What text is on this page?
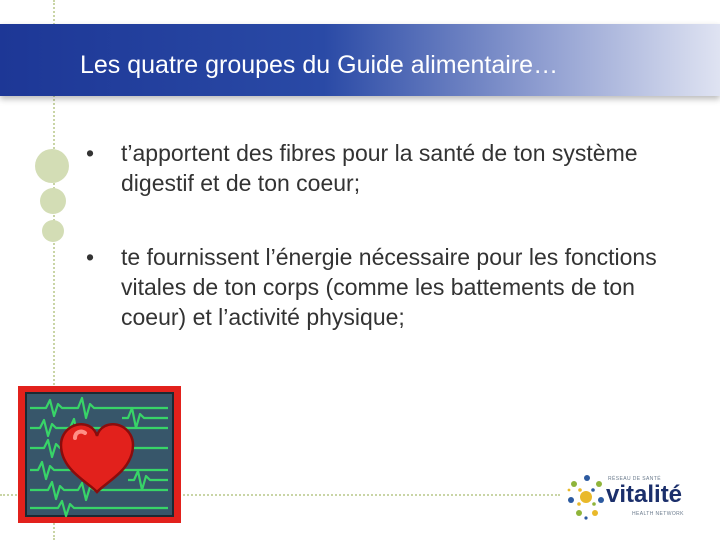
Les quatre groupes du Guide alimentaire…
• t’apportent des fibres pour la santé de ton système digestif et de ton coeur;
• te fournissent l’énergie nécessaire pour les fonctions vitales de ton corps (comme les battements de ton coeur) et l’activité physique;
RÉSEAU DE SANTÉ
vitalité
HEALTH NETWORK
